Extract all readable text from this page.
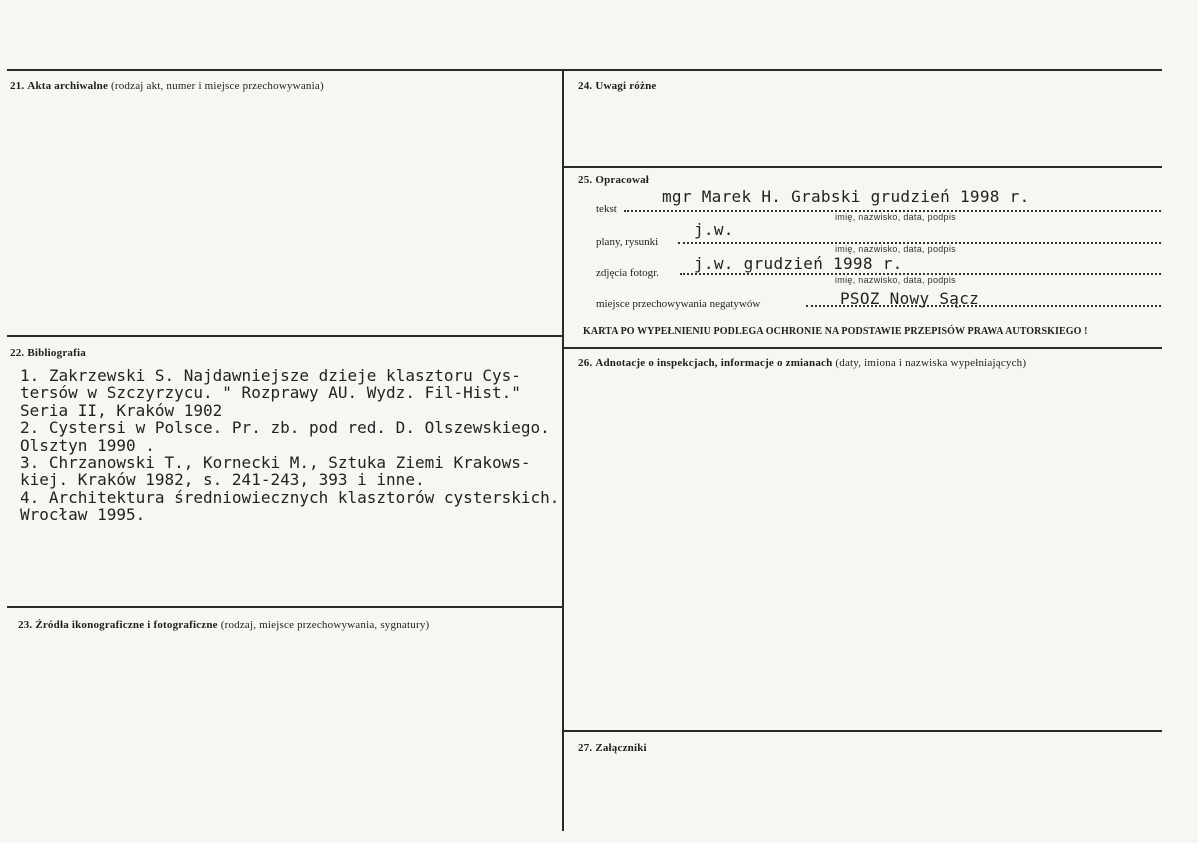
21. Akta archiwalne (rodzaj akt, numer i miejsce przechowywania)
22. Bibliografia
1. Zakrzewski S. Najdawniejsze dzieje klasztoru Cys-
tersów w Szczyrzycu. " Rozprawy AU. Wydz. Fil-Hist."
Seria II, Kraków 1902
2. Cystersi w Polsce. Pr. zb. pod red. D. Olszewskiego.
Olsztyn 1990 .
3. Chrzanowski T., Kornecki M., Sztuka Ziemi Krakows-
kiej. Kraków 1982, s. 241-243, 393 i inne.
4. Architektura średniowiecznych klasztorów cysterskich.
Wrocław 1995.
23. Źródła ikonograficzne i fotograficzne (rodzaj, miejsce przechowywania, sygnatury)
24. Uwagi różne
25. Opracował
tekst
mgr Marek H. Grabski grudzień 1998 r.
imię, nazwisko, data, podpis
plany, rysunki
j.w.
imię, nazwisko, data, podpis
zdjęcia fotogr. j.w. grudzień 1998 r.
imię, nazwisko, data, podpis
miejsce przechowywania negatywów	PSOZ Nowy Sącz
KARTA PO WYPEŁNIENIU PODLEGA OCHRONIE NA PODSTAWIE PRZEPISÓW PRAWA AUTORSKIEGO !
26. Adnotacje o inspekcjach, informacje o zmianach (daty, imiona i nazwiska wypełniających)
27. Załączniki
